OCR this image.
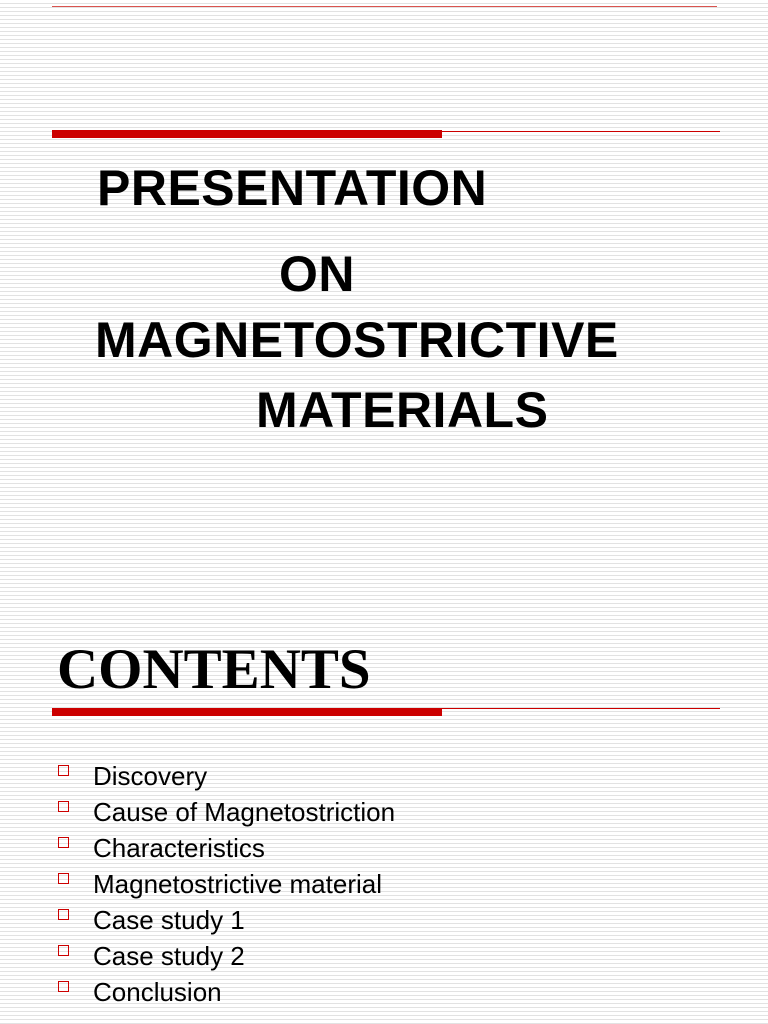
PRESENTATION
ON
MAGNETOSTRICTIVE
MATERIALS
CONTENTS
Discovery
Cause of Magnetostriction
Characteristics
Magnetostrictive material
Case study 1
Case study 2
Conclusion
